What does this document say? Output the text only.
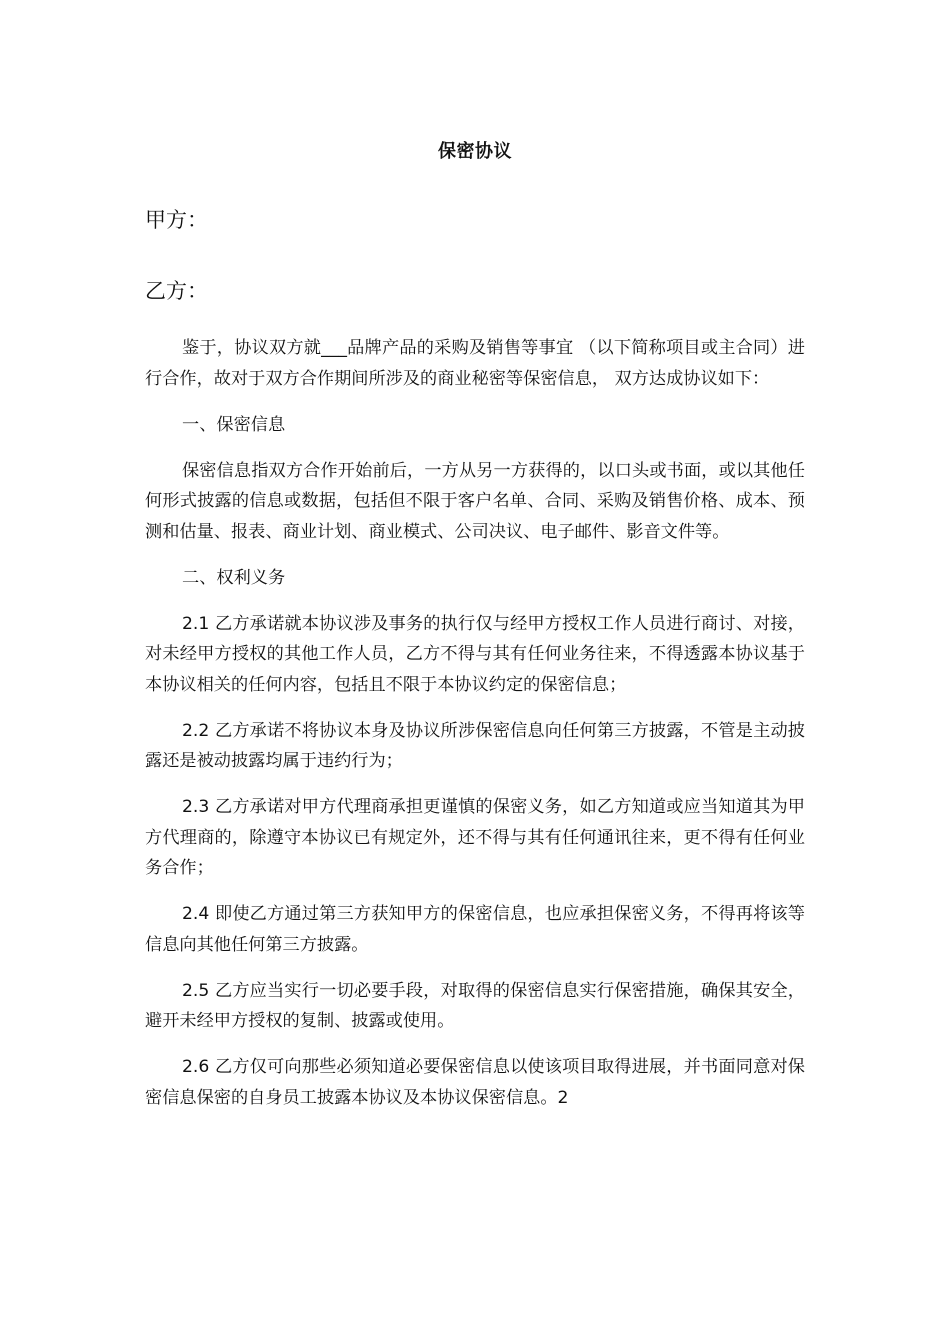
保密协议
甲方：
乙方：

鉴于，协议双方就___品牌产品的采购及销售等事宜 （以下简称项目或主合同）进行合作，故对于双方合作期间所涉及的商业秘密等保密信息， 双方达成协议如下：

一、保密信息

保密信息指双方合作开始前后，一方从另一方获得的，以口头或书面，或以其他任何形式披露的信息或数据，包括但不限于客户名单、合同、采购及销售价格、成本、预测和估量、报表、商业计划、商业模式、公司决议、电子邮件、影音文件等。

二、权利义务

2.1 乙方承诺就本协议涉及事务的执行仅与经甲方授权工作人员进行商讨、对接，对未经甲方授权的其他工作人员，乙方不得与其有任何业务往来，不得透露本协议基于本协议相关的任何内容，包括且不限于本协议约定的保密信息；

2.2 乙方承诺不将协议本身及协议所涉保密信息向任何第三方披露，不管是主动披露还是被动披露均属于违约行为；

2.3 乙方承诺对甲方代理商承担更谨慎的保密义务，如乙方知道或应当知道其为甲方代理商的，除遵守本协议已有规定外，还不得与其有任何通讯往来，更不得有任何业务合作；

2.4 即使乙方通过第三方获知甲方的保密信息，也应承担保密义务，不得再将该等信息向其他任何第三方披露。

2.5 乙方应当实行一切必要手段，对取得的保密信息实行保密措施，确保其安全，避开未经甲方授权的复制、披露或使用。

2.6 乙方仅可向那些必须知道必要保密信息以使该项目取得进展，并书面同意对保密信息保密的自身员工披露本协议及本协议保密信息。2
